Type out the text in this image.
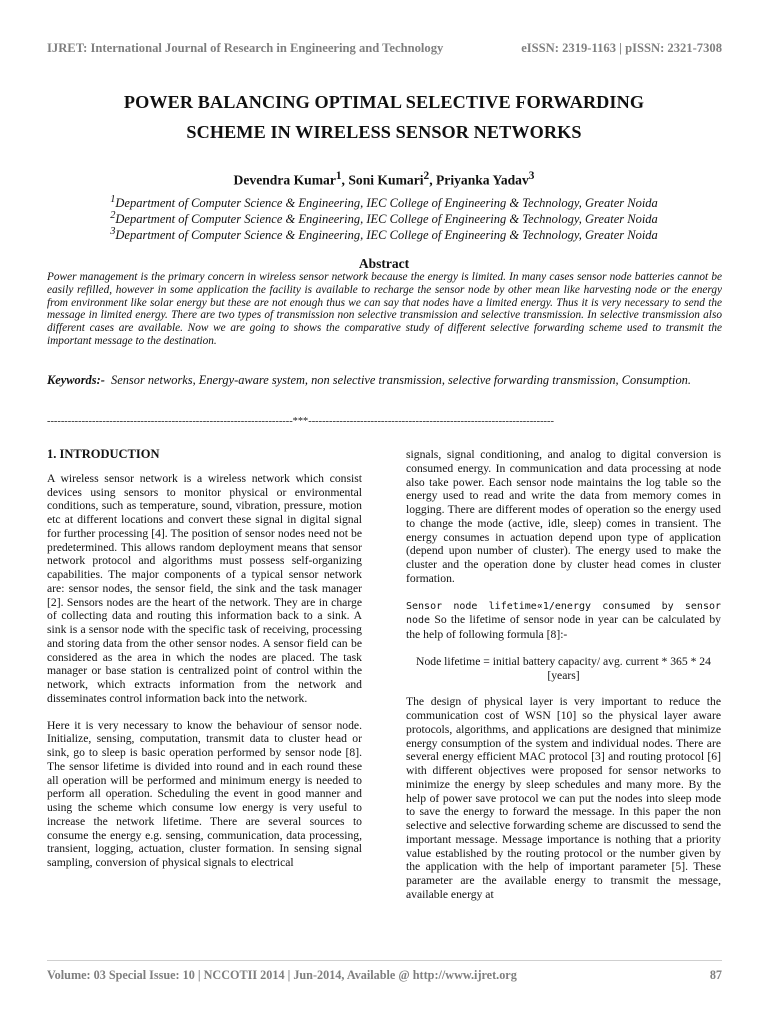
IJRET: International Journal of Research in Engineering and Technology	eISSN: 2319-1163 | pISSN: 2321-7308
POWER BALANCING OPTIMAL SELECTIVE FORWARDING
SCHEME IN WIRELESS SENSOR NETWORKS
Devendra Kumar$^1$, Soni Kumari$^2$, Priyanka Yadav$^3$
$^1$Department of Computer Science & Engineering, IEC College of Engineering & Technology, Greater Noida
$^2$Department of Computer Science & Engineering, IEC College of Engineering & Technology, Greater Noida
$^3$Department of Computer Science & Engineering, IEC College of Engineering & Technology, Greater Noida
Abstract
Power management is the primary concern in wireless sensor network because the energy is limited. In many cases sensor node batteries cannot be easily refilled, however in some application the facility is available to recharge the sensor node by other mean like harvesting node or the energy from environment like solar energy but these are not enough thus we can say that nodes have a limited energy. Thus it is very necessary to send the message in limited energy. There are two types of transmission non selective transmission and selective transmission. In selective transmission also different cases are available. Now we are going to shows the comparative study of different selective forwarding scheme used to transmit the important message to the destination.
Keywords:- Sensor networks, Energy-aware system, non selective transmission, selective forwarding transmission, Consumption.
-----------------------------------------------------------------------***-----------------------------------------------------------------------

1. INTRODUCTION

A wireless sensor network is a wireless network which consist devices using sensors to monitor physical or environmental conditions, such as temperature, sound, vibration, pressure, motion etc at different locations and convert these signal in digital signal for further processing [4]. The position of sensor nodes need not be predetermined. This allows random deployment means that sensor network protocol and algorithms must possess self-organizing capabilities. The major components of a typical sensor network are: sensor nodes, the sensor field, the sink and the task manager [2]. Sensors nodes are the heart of the network. They are in charge of collecting data and routing this information back to a sink. A sink is a sensor node with the specific task of receiving, processing and storing data from the other sensor nodes. A sensor field can be considered as the area in which the nodes are placed. The task manager or base station is centralized point of control within the network, which extracts information from the network and disseminates control information back into the network.

Here it is very necessary to know the behaviour of sensor node. Initialize, sensing, computation, transmit data to cluster head or sink, go to sleep is basic operation performed by sensor node [8]. The sensor lifetime is divided into round and in each round these all operation will be performed and minimum energy is needed to perform all operation. Scheduling the event in good manner and using the scheme which consume low energy is very useful to increase the network lifetime. There are several sources to consume the energy e.g. sensing, communication, data processing, transient, logging, actuation, cluster formation. In sensing signal sampling, conversion of physical signals to electrical

signals, signal conditioning, and analog to digital conversion is consumed energy. In communication and data processing at node also take power. Each sensor node maintains the log table so the energy used to read and write the data from memory comes in logging. There are different modes of operation so the energy used to change the mode (active, idle, sleep) comes in transient. The energy consumes in actuation depend upon type of application (depend upon number of cluster). The energy used to make the cluster and the operation done by cluster head comes in cluster formation.

Sensor node lifetime∝1/energy consumed by sensor node So the lifetime of sensor node in year can be calculated by the help of following formula [8]:-

Node lifetime = initial battery capacity/ avg. current * 365 * 24 [years]

The design of physical layer is very important to reduce the communication cost of WSN [10] so the physical layer aware protocols, algorithms, and applications are designed that minimize energy consumption of the system and individual nodes. There are several energy efficient MAC protocol [3] and routing protocol [6] with different objectives were proposed for sensor networks to minimize the energy by sleep schedules and many more. By the help of power save protocol we can put the nodes into sleep mode to save the energy to forward the message. In this paper the non selective and selective forwarding scheme are discussed to send the important message. Message importance is nothing that a priority value established by the routing protocol or the number given by the application with the help of important parameter [5]. These parameter are the available energy to transmit the message, available energy at

Volume: 03 Special Issue: 10 | NCCOTII 2014 | Jun-2014, Available @ http://www.ijret.org	87
